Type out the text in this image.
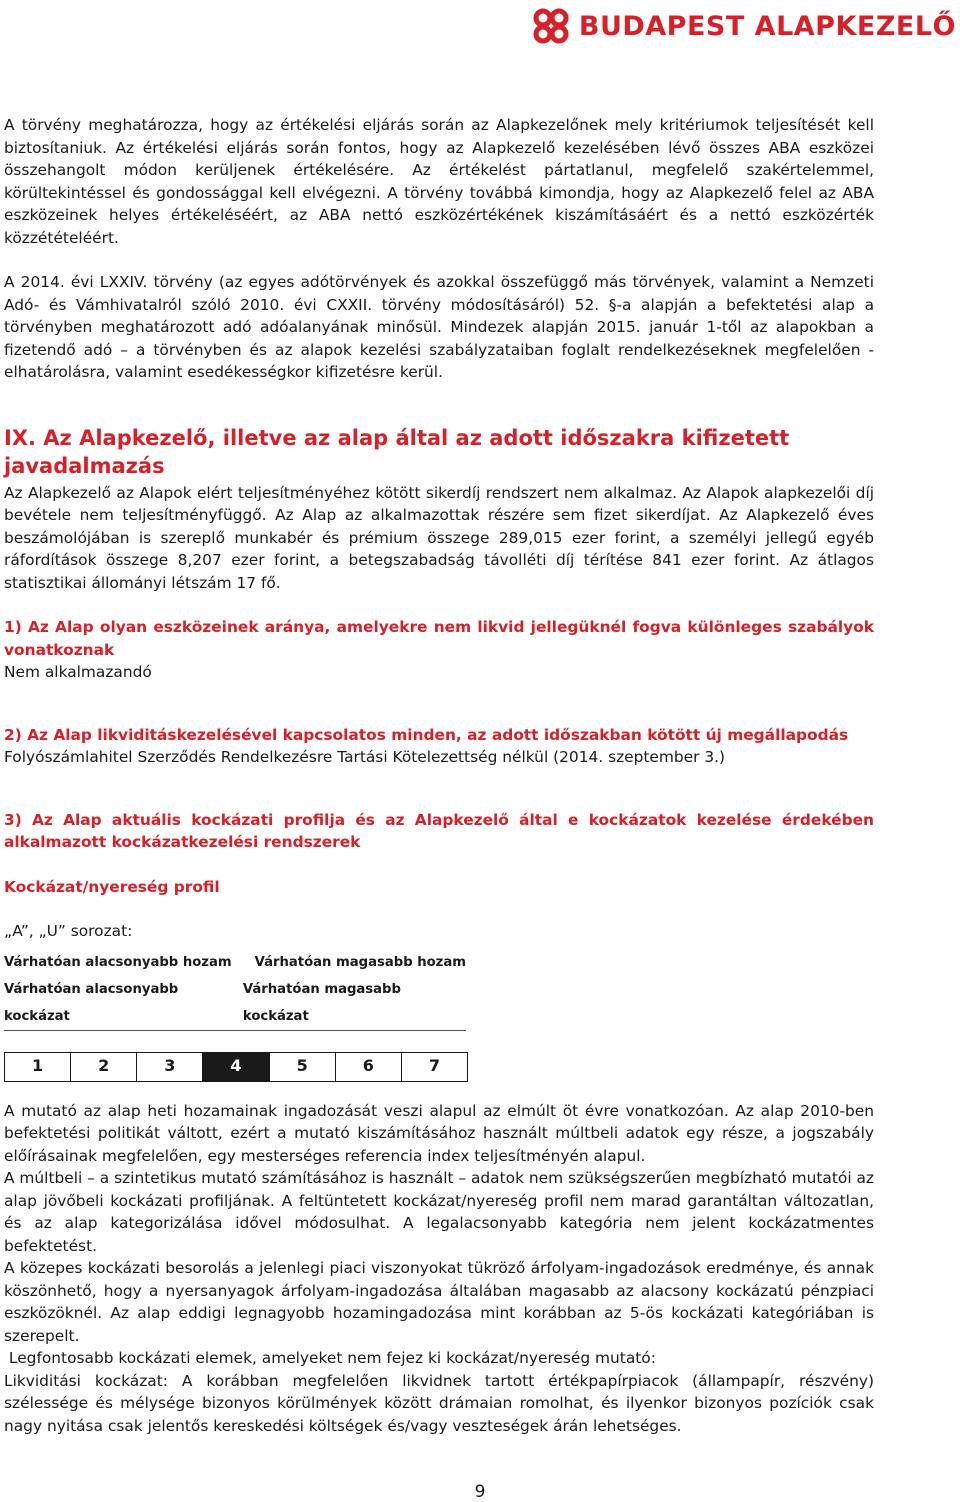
BUDAPEST ALAPKEZELŐ

A törvény meghatározza, hogy az értékelési eljárás során az Alapkezelőnek mely kritériumok teljesítését kell biztosítaniuk. Az értékelési eljárás során fontos, hogy az Alapkezelő kezelésében lévő összes ABA eszközei összehangolt módon kerüljenek értékelésére. Az értékelést pártatlanul, megfelelő szakértelemmel, körültekintéssel és gondossággal kell elvégezni. A törvény továbbá kimondja, hogy az Alapkezelő felel az ABA eszközeinek helyes értékeléséért, az ABA nettó eszközértékének kiszámításáért és a nettó eszközérték közzétételéért.

A 2014. évi LXXIV. törvény (az egyes adótörvények és azokkal összefüggő más törvények, valamint a Nemzeti Adó- és Vámhivatalról szóló 2010. évi CXXII. törvény módosításáról) 52. §-a alapján a befektetési alap a törvényben meghatározott adó adóalanyának minősül. Mindezek alapján 2015. január 1-től az alapokban a fizetendő adó – a törvényben és az alapok kezelési szabályzataiban foglalt rendelkezéseknek megfelelően - elhatárolásra, valamint esedékességkor kifizetésre kerül.

IX. Az Alapkezelő, illetve az alap által az adott időszakra kifizetett javadalmazás

Az Alapkezelő az Alapok elért teljesítményéhez kötött sikerdíj rendszert nem alkalmaz. Az Alapok alapkezelői díj bevétele nem teljesítményfüggő. Az Alap az alkalmazottak részére sem fizet sikerdíjat. Az Alapkezelő éves beszámolójában is szereplő munkabér és prémium összege 289,015 ezer forint, a személyi jellegű egyéb ráfordítások összege 8,207 ezer forint, a betegszabadság távolléti díj térítése 841 ezer forint. Az átlagos statisztikai állományi létszám 17 fő.

1) Az Alap olyan eszközeinek aránya, amelyekre nem likvid jellegüknél fogva különleges szabályok vonatkoznak

Nem alkalmazandó

2) Az Alap likviditáskezelésével kapcsolatos minden, az adott időszakban kötött új megállapodás

Folyószámlahitel Szerződés Rendelkezésre Tartási Kötelezettség nélkül (2014. szeptember 3.)

3) Az Alap aktuális kockázati profilja és az Alapkezelő által e kockázatok kezelése érdekében alkalmazott kockázatkezelési rendszerek
Kockázat/nyereség profil

„A”, „U” sorozat:

Várhatóan alacsonyabb hozam Várhatóan magasabb hozam
Várhatóan alacsonyabb kockázat
Várhatóan magasabb kockázat
1	2	3	4	5	6	7

A mutató az alap heti hozamainak ingadozását veszi alapul az elmúlt öt évre vonatkozóan. Az alap 2010-ben befektetési politikát váltott, ezért a mutató kiszámításához használt múltbeli adatok egy része, a jogszabály előírásainak megfelelően, egy mesterséges referencia index teljesítményén alapul.

A múltbeli – a szintetikus mutató számításához is használt – adatok nem szükségszerűen megbízható mutatói az alap jövőbeli kockázati profiljának. A feltüntetett kockázat/nyereség profil nem marad garantáltan változatlan, és az alap kategorizálása idővel módosulhat. A legalacsonyabb kategória nem jelent kockázatmentes befektetést.

A közepes kockázati besorolás a jelenlegi piaci viszonyokat tükröző árfolyam-ingadozások eredménye, és annak köszönhető, hogy a nyersanyagok árfolyam-ingadozása általában magasabb az alacsony kockázatú pénzpiaci eszközöknél. Az alap eddigi legnagyobb hozamingadozása mint korábban az 5-ös kockázati kategóriában is szerepelt.

Legfontosabb kockázati elemek, amelyeket nem fejez ki kockázat/nyereség mutató:

Likviditási kockázat: A korábban megfelelően likvidnek tartott értékpapírpiacok (állampapír, részvény) szélessége és mélysége bizonyos körülmények között drámaian romolhat, és ilyenkor bizonyos pozíciók csak nagy nyitása csak jelentős kereskedési költségek és/vagy veszteségek árán lehetséges.

9
